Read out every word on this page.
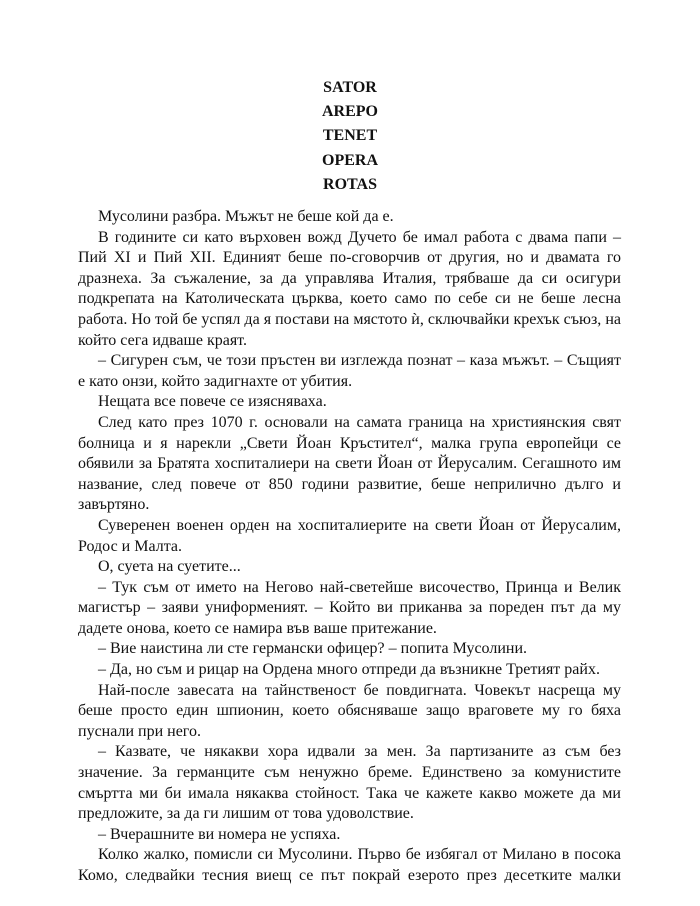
SATOR
AREPO
TENET
OPERA
ROTAS

Мусолини разбра. Мъжът не беше кой да е.

В годините си като върховен вожд Дучето бе имал работа с двама папи – Пий XI и Пий XII. Единият беше по-сговорчив от другия, но и двамата го дразнеха. За съжаление, за да управлява Италия, трябваше да си осигури подкрепата на Католическата църква, което само по себе си не беше лесна работа. Но той бе успял да я постави на мястото ѝ, сключвайки крехък съюз, на който сега идваше краят.

– Сигурен съм, че този пръстен ви изглежда познат – каза мъжът. – Същият е като онзи, който задигнахте от убития.

Нещата все повече се изясняваха.

След като през 1070 г. основали на самата граница на християнския свят болница и я нарекли „Свети Йоан Кръстител“, малка група европейци се обявили за Братята хоспиталиери на свети Йоан от Йерусалим. Сегашното им название, след повече от 850 години развитие, беше неприлично дълго и завъртяно.

Суверенен военен орден на хоспиталиерите на свети Йоан от Йерусалим, Родос и Малта.

О, суета на суетите...

– Тук съм от името на Негово най-светейше височество, Принца и Велик магистър – заяви униформеният. – Който ви приканва за пореден път да му дадете онова, което се намира във ваше притежание.

– Вие наистина ли сте германски офицер? – попита Мусолини.

– Да, но съм и рицар на Ордена много отпреди да възникне Третият райх.

Най-после завесата на тайнственост бе повдигната. Човекът насреща му беше просто един шпионин, което обясняваше защо враговете му го бяха пуснали при него.

– Казвате, че някакви хора идвали за мен. За партизаните аз съм без значение. За германците съм ненужно бреме. Единствено за комунистите смъртта ми би имала някаква стойност. Така че кажете какво можете да ми предложите, за да ги лишим от това удоволствие.

– Вчерашните ви номера не успяха.

Колко жалко, помисли си Мусолини. Първо бе избягал от Милано в посока Комо, следвайки тесния виещ се път покрай езерото през десетките малки
